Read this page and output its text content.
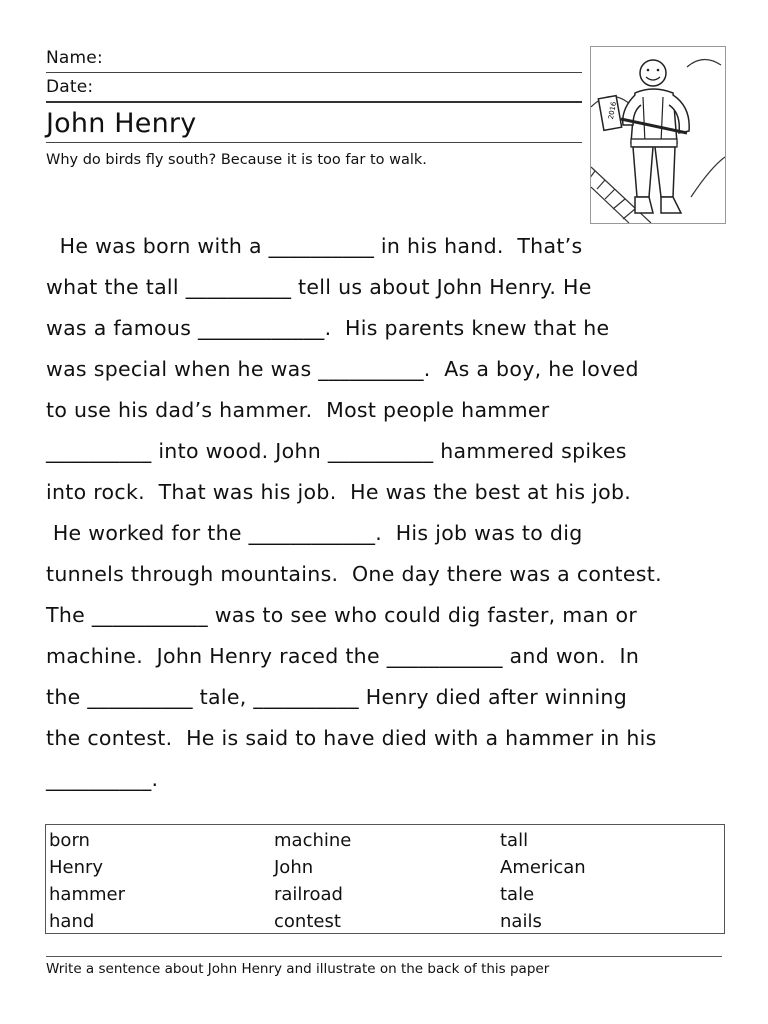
Name:
Date:
John Henry
Why do birds fly south? Because it is too far to walk.
2016
He was born with a __________ in his hand.  That’s
what the tall __________ tell us about John Henry. He
was a famous ____________.  His parents knew that he
was special when he was __________.  As a boy, he loved
to use his dad’s hammer.  Most people hammer
__________ into wood. John __________ hammered spikes
into rock.  That was his job.  He was the best at his job.
He worked for the ____________.  His job was to dig
tunnels through mountains.  One day there was a contest.
The ___________ was to see who could dig faster, man or
machine.  John Henry raced the ___________ and won.  In
the __________ tale, __________ Henry died after winning
the contest.  He is said to have died with a hammer in his
__________.
born
Henry
hammer
hand
machine
John
railroad
contest
tall
American
tale
nails
Write a sentence about John Henry and illustrate on the back of this paper
